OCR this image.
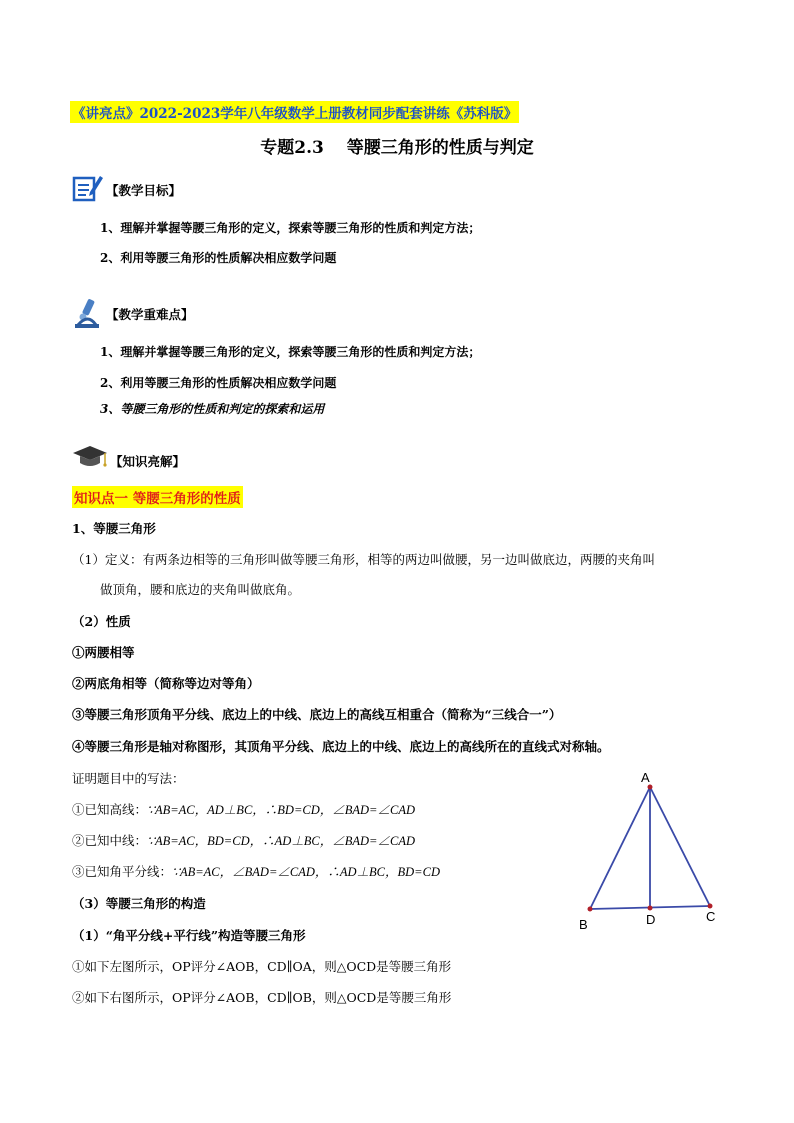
《讲亮点》2022-2023学年八年级数学上册教材同步配套讲练《苏科版》
专题2.3　 等腰三角形的性质与判定
【教学目标】
1、理解并掌握等腰三角形的定义，探索等腰三角形的性质和判定方法；
2、利用等腰三角形的性质解决相应数学问题
【教学重难点】
1、理解并掌握等腰三角形的定义，探索等腰三角形的性质和判定方法；
2、利用等腰三角形的性质解决相应数学问题
3、等腰三角形的性质和判定的探索和运用
【知识亮解】
知识点一 等腰三角形的性质
1、等腰三角形
（1）定义：有两条边相等的三角形叫做等腰三角形，相等的两边叫做腰，另一边叫做底边，两腰的夹角叫
做顶角，腰和底边的夹角叫做底角。
（2）性质
①两腰相等
②两底角相等（简称等边对等角）
③等腰三角形顶角平分线、底边上的中线、底边上的高线互相重合（简称为“三线合一”）
④等腰三角形是轴对称图形，其顶角平分线、底边上的中线、底边上的高线所在的直线式对称轴。
证明题目中的写法：
①已知高线：∵AB=AC，AD⊥BC，∴BD=CD，∠BAD=∠CAD
②已知中线：∵AB=AC，BD=CD，∴AD⊥BC，∠BAD=∠CAD
③已知角平分线：∵AB=AC，∠BAD=∠CAD，∴AD⊥BC，BD=CD
（3）等腰三角形的构造
（1）“角平分线+平行线”构造等腰三角形
①如下左图所示，OP评分∠AOB，CD∥OA，则△OCD是等腰三角形
②如下右图所示，OP评分∠AOB，CD∥OB，则△OCD是等腰三角形
A
B	D	C
